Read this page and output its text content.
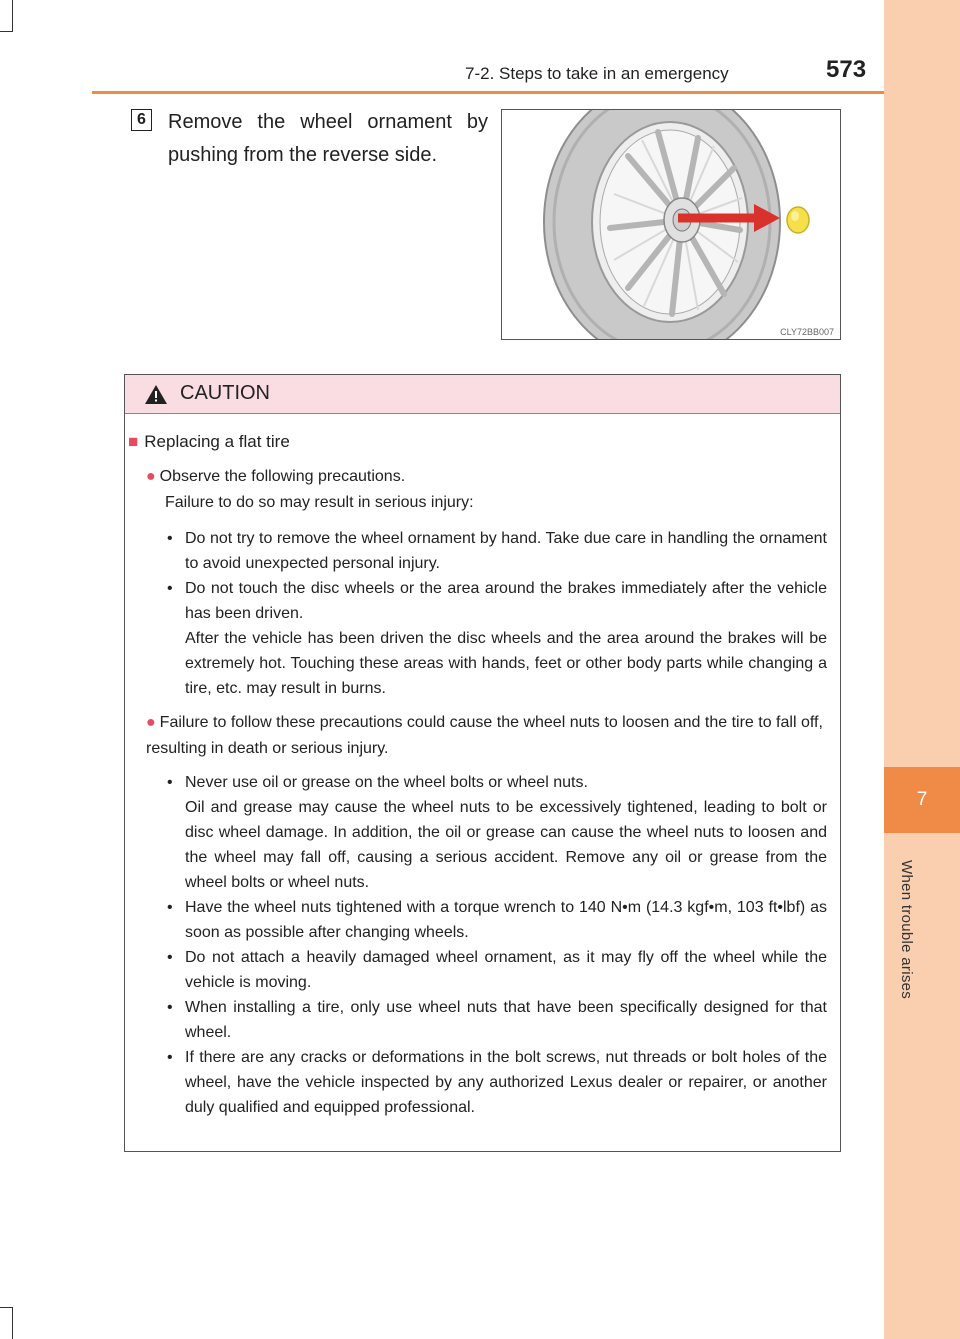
7
When trouble arises
7-2. Steps to take in an emergency	573
6	Remove the wheel ornament by pushing from the reverse side.
CLY72BB007
CAUTION
■ Replacing a flat tire
● Observe the following precautions.
Failure to do so may result in serious injury:
• Do not try to remove the wheel ornament by hand. Take due care in handling the ornament to avoid unexpected personal injury.
• Do not touch the disc wheels or the area around the brakes immediately after the vehicle has been driven.
After the vehicle has been driven the disc wheels and the area around the brakes will be extremely hot. Touching these areas with hands, feet or other body parts while changing a tire, etc. may result in burns.
● Failure to follow these precautions could cause the wheel nuts to loosen and the tire to fall off, resulting in death or serious injury.
• Never use oil or grease on the wheel bolts or wheel nuts.
Oil and grease may cause the wheel nuts to be excessively tightened, leading to bolt or disc wheel damage. In addition, the oil or grease can cause the wheel nuts to loosen and the wheel may fall off, causing a serious accident. Remove any oil or grease from the wheel bolts or wheel nuts.
• Have the wheel nuts tightened with a torque wrench to 140 N•m (14.3 kgf•m, 103 ft•lbf) as soon as possible after changing wheels.
• Do not attach a heavily damaged wheel ornament, as it may fly off the wheel while the vehicle is moving.
• When installing a tire, only use wheel nuts that have been specifically designed for that wheel.
• If there are any cracks or deformations in the bolt screws, nut threads or bolt holes of the wheel, have the vehicle inspected by any authorized Lexus dealer or repairer, or another duly qualified and equipped professional.
